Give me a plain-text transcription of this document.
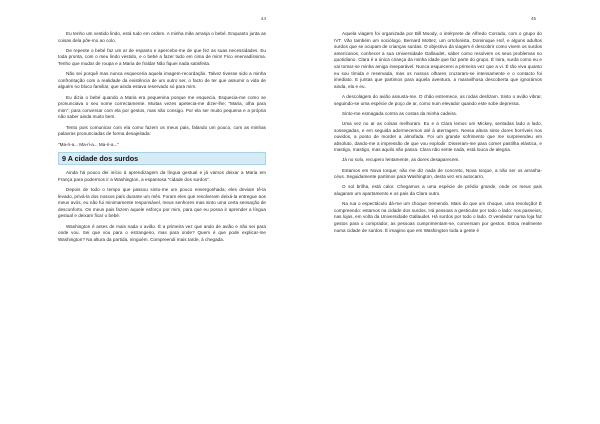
44

Eu tenho um vestido lindo, está tudo em ordem. A minha mãe arranja o bebé. Enquanto junta as coisas dela põe-mo ao colo.

De repente o bebé faz um ar de espanto e apercebo-me de que fez as suas necessidades. Eu toda pronta, com o meu lindo vestido, e o bebé a fazer tudo em cima de mim! Fico enervadíssima. Tenho que mudar de roupa e a Maria de fralda! Não fiquei nada satisfeita.

Não sei porquê mas nunca esqueceria aquela imagem-recordação. Talvez tivesse sido a minha confrontação com a realidade da existência de um outro ser, o facto de ter que assumir a vida de alguém no bloco familiar, que ainda estava reservado só para mim.

Eu dizia o bebé quando a Maria era pequenina porque me esquecia. Esquecia-me como se pronunciava o seu nome correctamente. Muitas vezes apetecia-me dizer-lhe: "Maria, olha para mim", para conversar com ela por gestos, mas não consigo. Por ela ser muito pequena e a própria não saber ainda muito bem.

Tento pois comunicar com ela como fazem os meus pais, falando um pouco, com as minhas palavras pronunciadas de forma desajeitada:

"Ma-ri-a... Ma-ri-a... Ma-ri-a..."
9 A cidade dos surdos

Ainda há pouco dei início à aprendizagem da língua gestual e já vamos deixar a Maria em França para podermos ir a Washington, a espantosa "cidade dos surdos".

Depois de todo o tempo que passou sinto-me um pouco envergonhada; eles deviam tê-la levado, privá-la dos nossos país durante um mês. Foram eles que resolveram deixá-la entregue aos meus avós, eu não fui minimamente responsável, meus senhores mas sinto uma certa sensação de desconforto. Os meus pais fazem aquele esforço por mim, para que eu possa ir aprender a língua gestual e deixam ficar o bebé.

Washington é antes de mais nada o avião. É a primeira vez que ando de avião e não sei para onde vou. Sei que vou para o estrangeiro, mas para onde? Quem é que pode explicar-me Washington? Na altura da partida, ninguém. Compreendi mais tarde, à chegada.

45

Aquela viagem foi organizada por Bill Moody, o intérprete de Alfredo Corrado, com o grupo do IVT. Vão também um sociólogo, Bernard Mottez, um ortofonista, Dominique Hof, e alguns adultos surdos que se ocupam de crianças surdas. O objectivo da viagem é descobrir como vivem os surdos americanos, conhecer a sua Universidade Gallaudet, saber como resolvem os seus problemas no quotidiano. Clara é a única criança da minha idade que faz parte do grupo. É loira, surda como eu e vai tomar-se minha amiga inseparável. Nunca esquecerei a primeira vez que a vi. É tão viva quanto eu sou tímida e reservada, mas os nossos olhares cruzaram-se intensamente e o contacto foi imediato. E juntas que partimos para aquela aventura, a maravilhosa descoberta que ignorámos ainda, ela e eu.

A descolagem do avião assusta-me. O chão estremece, as rodas deslizam. Sinto o avião vibrar, seguindo-se uma espécie de poço de ar, como num elevador quando este sobe depressa.

Sinto-me esmagada contra as costas da minha cadeira.

Uma vez no ar as coisas melhoram. Eu e a Clara lemos um Mickey, sentadas lado a lado, sossegadas, e em seguida adormecemos até à aterragem. Nessa altura sinto dores horríveis nos ouvidos, a ponto de morder a almofada. Foi um grande sofrimento que me surpreendeu em absoluto, dando-me a impressão de que vou explodir. Disseram-me para comer pastilha elástica, e mastigo, mastigo, mas aquilo não passa. Clara não sente nada, está louca de alegria.

Já no solo, recupero lentamente, as dores desaparecem.

Estamos em Nova Iorque; não me diz nada de concreto, Nova Iorque, a não ser os arranha-céus. Seguidamente partimos para Washington, desta vez em autocarro.

O sol brilha, está calor. Chegamos a uma espécie de prédio grande, onde os meus pais alugaram um apartamento e os pais da Clara outro.

Na rua o espectáculo dá-me um choque tremendo. Mais do que um choque, uma revolução! É compreendo: estamos na cidade dos surdos. Há pessoas a gesticular por todo o lado: nos passeios, nas lojas, em volta da Universidade Gallaudet. Há surdos por todo o lado. O vendedor numa loja faz gestos para o comprador, as pessoas cumprimentam-se, conversam por gestos. Estou realmente numa cidade de surdos. É imagino que em Washington toda a gente é
